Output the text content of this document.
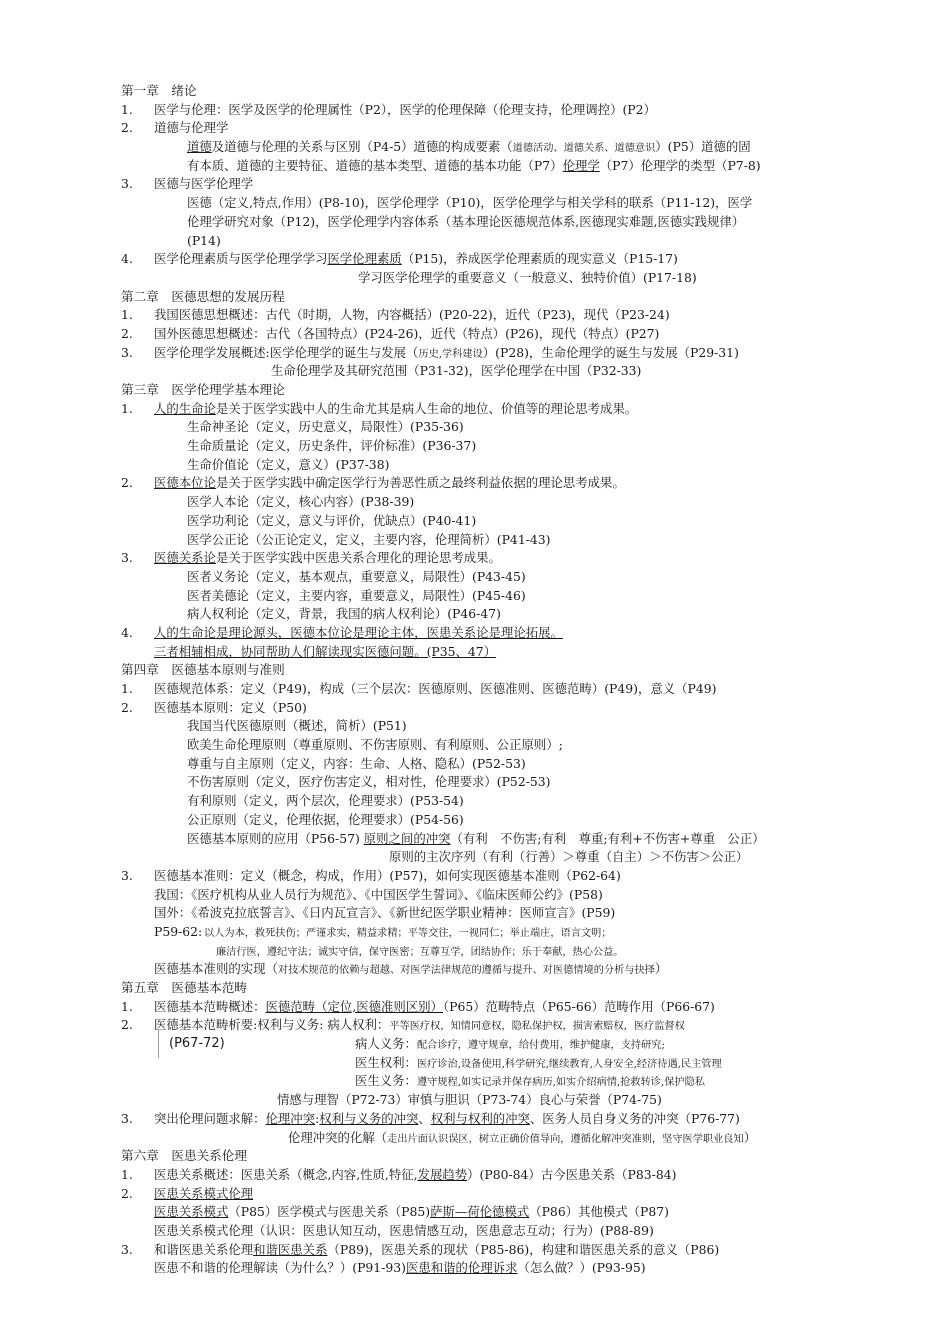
第一章　绪论
1. 医学与伦理：医学及医学的伦理属性（P2），医学的伦理保障（伦理支持，伦理调控）(P2）
2. 道德与伦理学
道德及道德与伦理的关系与区别（P4-5）道德的构成要素（道德活动、道德关系、道德意识）(P5）道德的固
有本质、道德的主要特征、道德的基本类型、道德的基本功能（P7）伦理学（P7）伦理学的类型（P7-8)
3. 医德与医学伦理学
医德（定义,特点,作用）(P8-10)，医学伦理学（P10)，医学伦理学与相关学科的联系（P11-12)，医学
伦理学研究对象（P12)，医学伦理学内容体系（基本理论医德规范体系,医德现实难题,医德实践规律）
(P14)
4. 医学伦理素质与医学伦理学学习医学伦理素质（P15)，养成医学伦理素质的现实意义（P15-17)
学习医学伦理学的重要意义（一般意义、独特价值）(P17-18)
第二章　医德思想的发展历程
1. 我国医德思想概述：古代（时期，人物，内容概括）(P20-22)，近代（P23)，现代（P23-24)
2. 国外医德思想概述：古代（各国特点）(P24-26)，近代（特点）(P26)，现代（特点）(P27)
3. 医学伦理学发展概述:医学伦理学的诞生与发展（历史,学科建设）(P28)，生命伦理学的诞生与发展（P29-31)
生命伦理学及其研究范围（P31-32)，医学伦理学在中国（P32-33)
第三章　医学伦理学基本理论
1. 人的生命论是关于医学实践中人的生命尤其是病人生命的地位、价值等的理论思考成果。
生命神圣论（定义，历史意义，局限性）(P35-36)
生命质量论（定义，历史条件，评价标准）(P36-37)
生命价值论（定义，意义）(P37-38)
2. 医德本位论是关于医学实践中确定医学行为善恶性质之最终利益依据的理论思考成果。
医学人本论（定义，核心内容）(P38-39)
医学功利论（定义，意义与评价，优缺点）(P40-41)
医学公正论（公正论定义，定义，主要内容，伦理简析）(P41-43)
3. 医德关系论是关于医学实践中医患关系合理化的理论思考成果。
医者义务论（定义，基本观点，重要意义，局限性）(P43-45)
医者美德论（定义，主要内容，重要意义，局限性）(P45-46)
病人权利论（定义，背景，我国的病人权利论）(P46-47)
4. 人的生命论是理论源头，医德本位论是理论主体，医患关系论是理论拓展。
三者相辅相成，协同帮助人们解读现实医德问题。(P35、47）
第四章　医德基本原则与准则
1. 医德规范体系：定义（P49)，构成（三个层次：医德原则、医德准则、医德范畴）(P49)，意义（P49)
2. 医德基本原则：定义（P50)
我国当代医德原则（概述，简析）(P51)
欧美生命伦理原则（尊重原则、不伤害原则、有利原则、公正原则）;
尊重与自主原则（定义，内容：生命、人格、隐私）(P52-53)
不伤害原则（定义，医疗伤害定义，相对性，伦理要求）(P52-53)
有利原则（定义，两个层次，伦理要求）(P53-54)
公正原则（定义，伦理依据，伦理要求）(P54-56)
医德基本原则的应用（P56-57) 原则之间的冲突（有利　不伤害;有利　尊重;有利+不伤害+尊重　公正）
原则的主次序列（有利（行善）＞尊重（自主）＞不伤害＞公正）
3. 医德基本准则：定义（概念，构成，作用）(P57)，如何实现医德基本准则（P62-64)
我国：《医疗机构从业人员行为规范》、《中国医学生誓词》、《临床医师公约》(P58)
国外：《希波克拉底誓言》、《日内瓦宣言》、《新世纪医学职业精神：医师宣言》(P59)
P59-62: 以人为本，救死扶伤；严谨求实，精益求精；平等交往，一视同仁；举止端庄，语言文明；
廉洁行医，遵纪守法；诚实守信，保守医密；互尊互学，团结协作；乐于奉献，热心公益。
医德基本准则的实现（对技术规范的依赖与超越、对医学法律规范的遵循与提升、对医德情境的分析与抉择）
第五章　医德基本范畴
1. 医德基本范畴概述：医德范畴（定位,医德准则区别）（P65）范畴特点（P65-66）范畴作用（P66-67)
2. 医德基本范畴析要:权利与义务: 病人权利：平等医疗权，知情同意权，隐私保护权，损害索赔权，医疗监督权
病人义务：配合诊疗，遵守规章，给付费用，维护健康，支持研究;
医生权利：医疗诊治,设备使用,科学研究,继续教育,人身安全,经济待遇,民主管理
医生义务：遵守规程,如实记录并保存病历,如实介绍病情,抢救转诊,保护隐私
情感与理智（P72-73）审慎与胆识（P73-74）良心与荣誉（P74-75)
3. 突出伦理问题求解：伦理冲突:权利与义务的冲突、权利与权利的冲突、医务人员自身义务的冲突（P76-77)
伦理冲突的化解（走出片面认识误区，树立正确价值导向，遵循化解冲突准则，坚守医学职业良知）
第六章　医患关系伦理
1. 医患关系概述：医患关系（概念,内容,性质,特征,发展趋势）(P80-84）古今医患关系（P83-84)
2. 医患关系模式伦理
医患关系模式（P85）医学模式与医患关系（P85)萨斯—荷伦德模式（P86）其他模式（P87)
医患关系模式伦理（认识：医患认知互动，医患情感互动，医患意志互动；行为）(P88-89)
3. 和谐医患关系伦理和谐医患关系（P89)，医患关系的现状（P85-86)，构建和谐医患关系的意义（P86)
医患不和谐的伦理解读（为什么？）(P91-93)医患和谐的伦理诉求（怎么做？）(P93-95)
(P67-72)
